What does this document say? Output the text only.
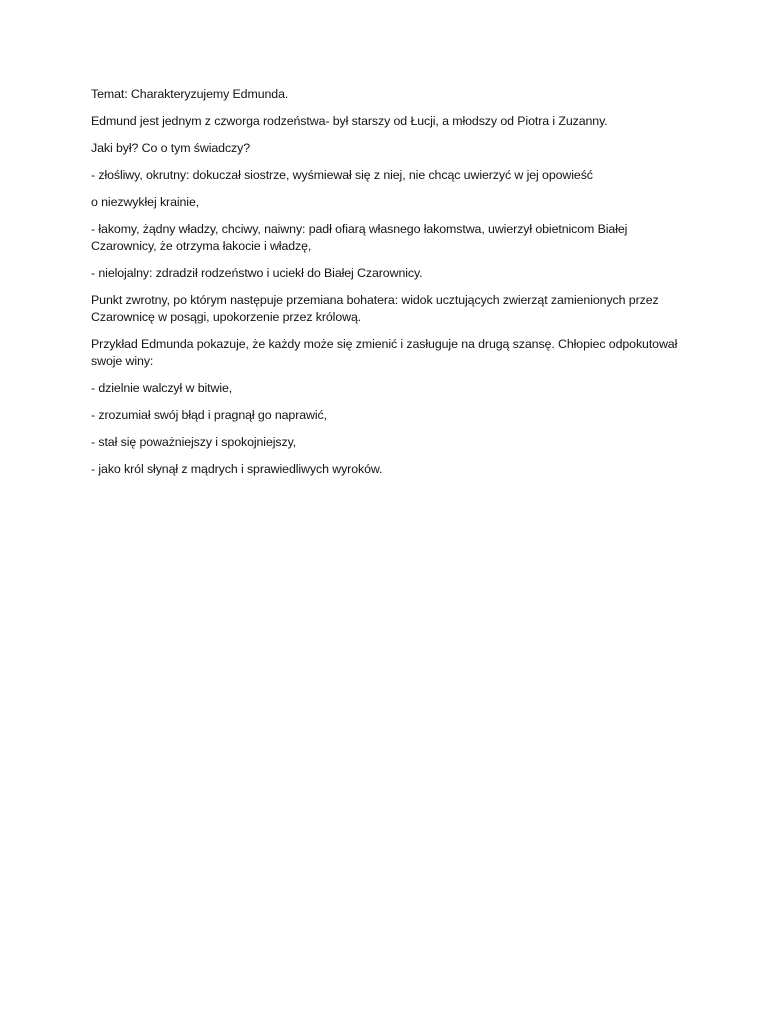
Temat: Charakteryzujemy Edmunda.

Edmund jest jednym z czworga rodzeństwa- był starszy od Łucji, a młodszy od Piotra i Zuzanny.

Jaki był? Co o tym świadczy?

- złośliwy, okrutny: dokuczał siostrze, wyśmiewał się z niej, nie chcąc uwierzyć w jej opowieść

o niezwykłej krainie,

- łakomy, żądny władzy, chciwy, naiwny: padł ofiarą własnego łakomstwa, uwierzył obietnicom Białej Czarownicy, że otrzyma łakocie i władzę,

- nielojalny: zdradził rodzeństwo i uciekł do Białej Czarownicy.

Punkt zwrotny, po którym następuje przemiana bohatera: widok ucztujących zwierząt zamienionych przez Czarownicę w posągi, upokorzenie przez królową.

Przykład Edmunda pokazuje, że każdy może się zmienić i zasługuje na drugą szansę. Chłopiec odpokutował swoje winy:

- dzielnie walczył w bitwie,

- zrozumiał swój błąd i pragnął go naprawić,

- stał się poważniejszy i spokojniejszy,

- jako król słynął z mądrych i sprawiedliwych wyroków.
